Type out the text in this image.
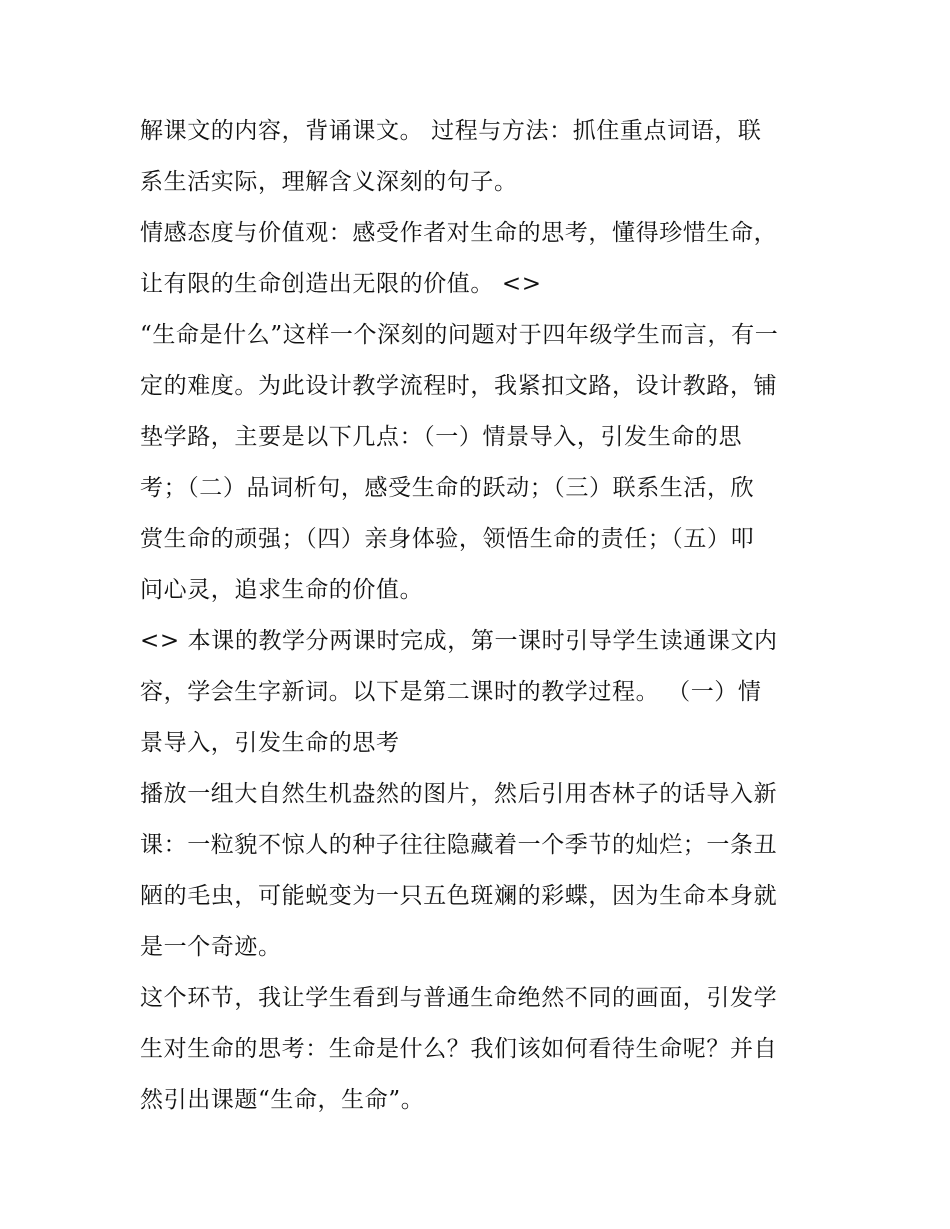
解课文的内容，背诵课文。 过程与方法：抓住重点词语，联
系生活实际，理解含义深刻的句子。
情感态度与价值观：感受作者对生命的思考，懂得珍惜生命，
让有限的生命创造出无限的价值。 <>
“生命是什么”这样一个深刻的问题对于四年级学生而言，有一
定的难度。为此设计教学流程时，我紧扣文路，设计教路，铺
垫学路，主要是以下几点：（一）情景导入，引发生命的思
考；（二）品词析句，感受生命的跃动；（三）联系生活，欣
赏生命的顽强；（四）亲身体验，领悟生命的责任；（五）叩
问心灵，追求生命的价值。
<> 本课的教学分两课时完成，第一课时引导学生读通课文内
容，学会生字新词。以下是第二课时的教学过程。 （一）情
景导入，引发生命的思考
播放一组大自然生机盎然的图片，然后引用杏林子的话导入新
课：一粒貌不惊人的种子往往隐藏着一个季节的灿烂；一条丑
陋的毛虫，可能蜕变为一只五色斑斓的彩蝶，因为生命本身就
是一个奇迹。
这个环节，我让学生看到与普通生命绝然不同的画面，引发学
生对生命的思考：生命是什么？我们该如何看待生命呢？并自
然引出课题“生命，生命”。
